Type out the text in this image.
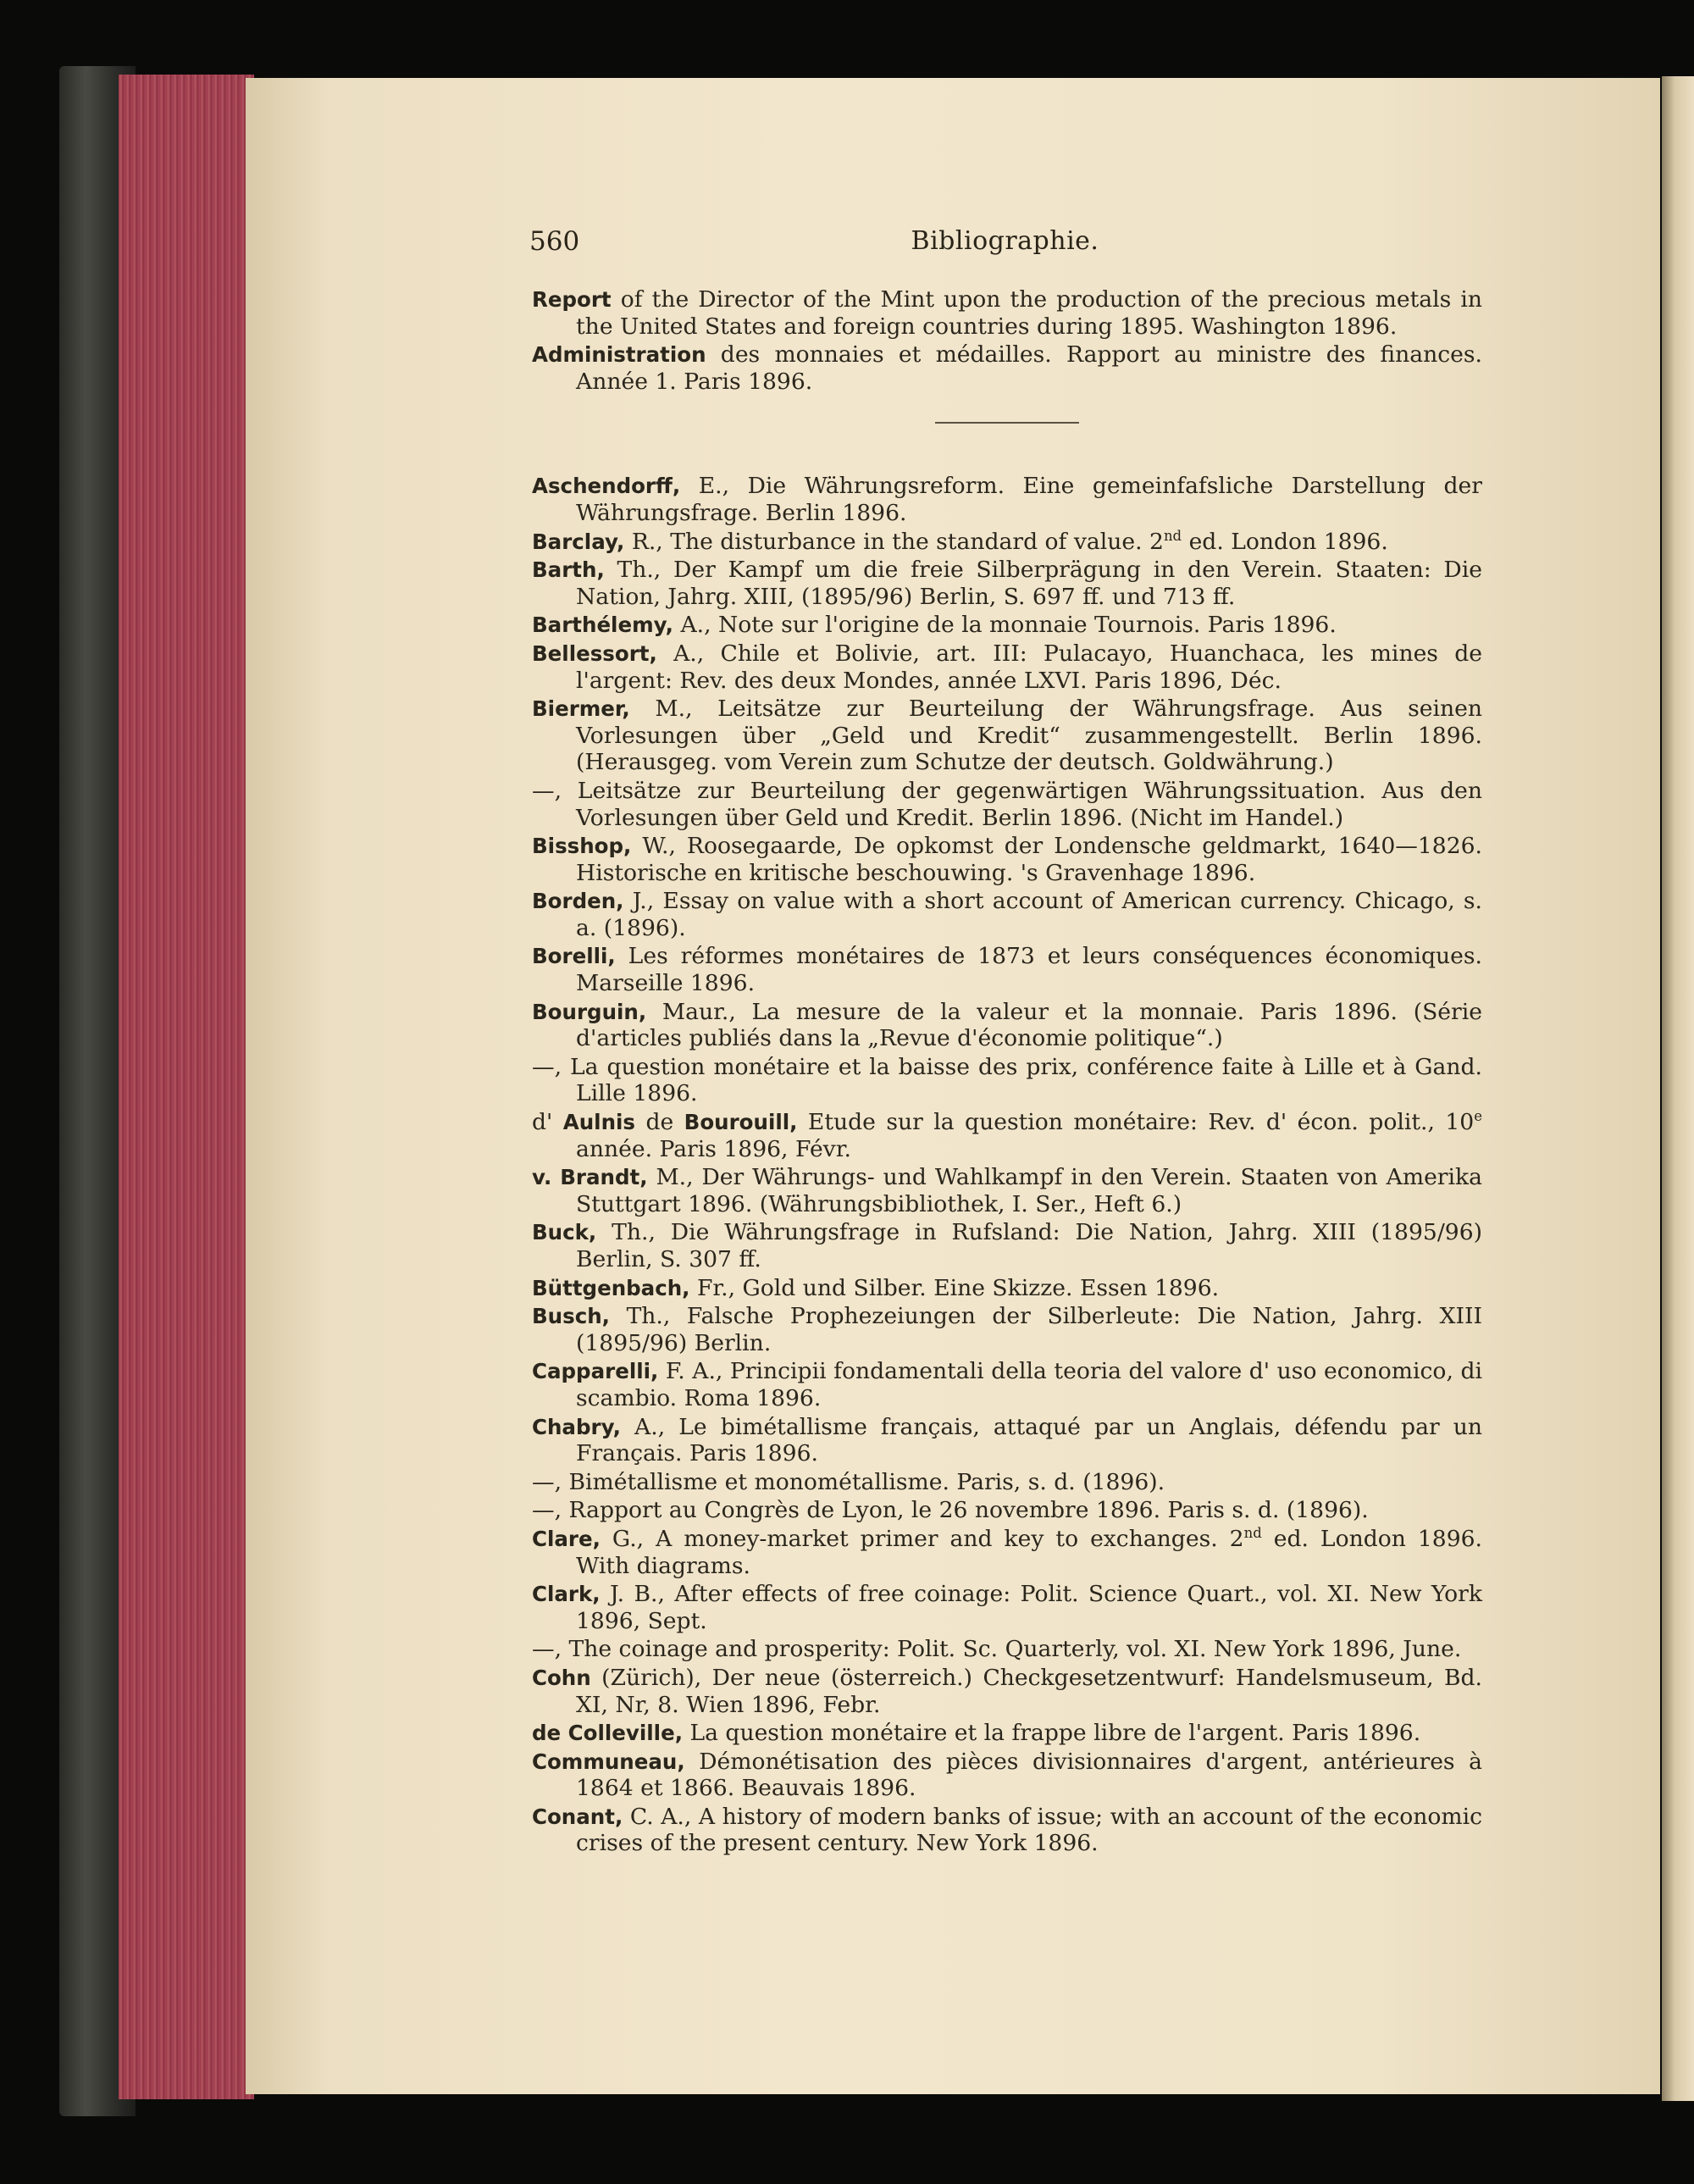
560	Bibliographie.
Report of the Director of the Mint upon the production of the precious metals in the United States and foreign countries during 1895. Washington 1896.
Administration des monnaies et médailles. Rapport au ministre des finances. Année 1. Paris 1896.
Aschendorff, E., Die Währungsreform. Eine gemeinfafsliche Darstellung der Währungsfrage. Berlin 1896.
Barclay, R., The disturbance in the standard of value. 2nd ed. London 1896.
Barth, Th., Der Kampf um die freie Silberprägung in den Verein. Staaten: Die Nation, Jahrg. XIII, (1895/96) Berlin, S. 697 ff. und 713 ff.
Barthélemy, A., Note sur l'origine de la monnaie Tournois. Paris 1896.
Bellessort, A., Chile et Bolivie, art. III: Pulacayo, Huanchaca, les mines de l'argent: Rev. des deux Mondes, année LXVI. Paris 1896, Déc.
Biermer, M., Leitsätze zur Beurteilung der Währungsfrage. Aus seinen Vorlesungen über „Geld und Kredit“ zusammengestellt. Berlin 1896. (Herausgeg. vom Verein zum Schutze der deutsch. Goldwährung.)
—, Leitsätze zur Beurteilung der gegenwärtigen Währungssituation. Aus den Vorlesungen über Geld und Kredit. Berlin 1896. (Nicht im Handel.)
Bisshop, W., Roosegaarde, De opkomst der Londensche geldmarkt, 1640—1826. Historische en kritische beschouwing. 's Gravenhage 1896.
Borden, J., Essay on value with a short account of American currency. Chicago, s. a. (1896).
Borelli, Les réformes monétaires de 1873 et leurs conséquences économiques. Marseille 1896.
Bourguin, Maur., La mesure de la valeur et la monnaie. Paris 1896. (Série d'articles publiés dans la „Revue d'économie politique“.)
—, La question monétaire et la baisse des prix, conférence faite à Lille et à Gand. Lille 1896.
d' Aulnis de Bourouill, Etude sur la question monétaire: Rev. d' écon. polit., 10e année. Paris 1896, Févr.
v. Brandt, M., Der Währungs- und Wahlkampf in den Verein. Staaten von Amerika Stuttgart 1896. (Währungsbibliothek, I. Ser., Heft 6.)
Buck, Th., Die Währungsfrage in Rufsland: Die Nation, Jahrg. XIII (1895/96) Berlin, S. 307 ff.
Büttgenbach, Fr., Gold und Silber. Eine Skizze. Essen 1896.
Busch, Th., Falsche Prophezeiungen der Silberleute: Die Nation, Jahrg. XIII (1895/96) Berlin.
Capparelli, F. A., Principii fondamentali della teoria del valore d' uso economico, di scambio. Roma 1896.
Chabry, A., Le bimétallisme français, attaqué par un Anglais, défendu par un Français. Paris 1896.
—, Bimétallisme et monométallisme. Paris, s. d. (1896).
—, Rapport au Congrès de Lyon, le 26 novembre 1896. Paris s. d. (1896).
Clare, G., A money-market primer and key to exchanges. 2nd ed. London 1896. With diagrams.
Clark, J. B., After effects of free coinage: Polit. Science Quart., vol. XI. New York 1896, Sept.
—, The coinage and prosperity: Polit. Sc. Quarterly, vol. XI. New York 1896, June.
Cohn (Zürich), Der neue (österreich.) Checkgesetzentwurf: Handelsmuseum, Bd. XI, Nr, 8. Wien 1896, Febr.
de Colleville, La question monétaire et la frappe libre de l'argent. Paris 1896.
Communeau, Démonétisation des pièces divisionnaires d'argent, antérieures à 1864 et 1866. Beauvais 1896.
Conant, C. A., A history of modern banks of issue; with an account of the economic crises of the present century. New York 1896.
